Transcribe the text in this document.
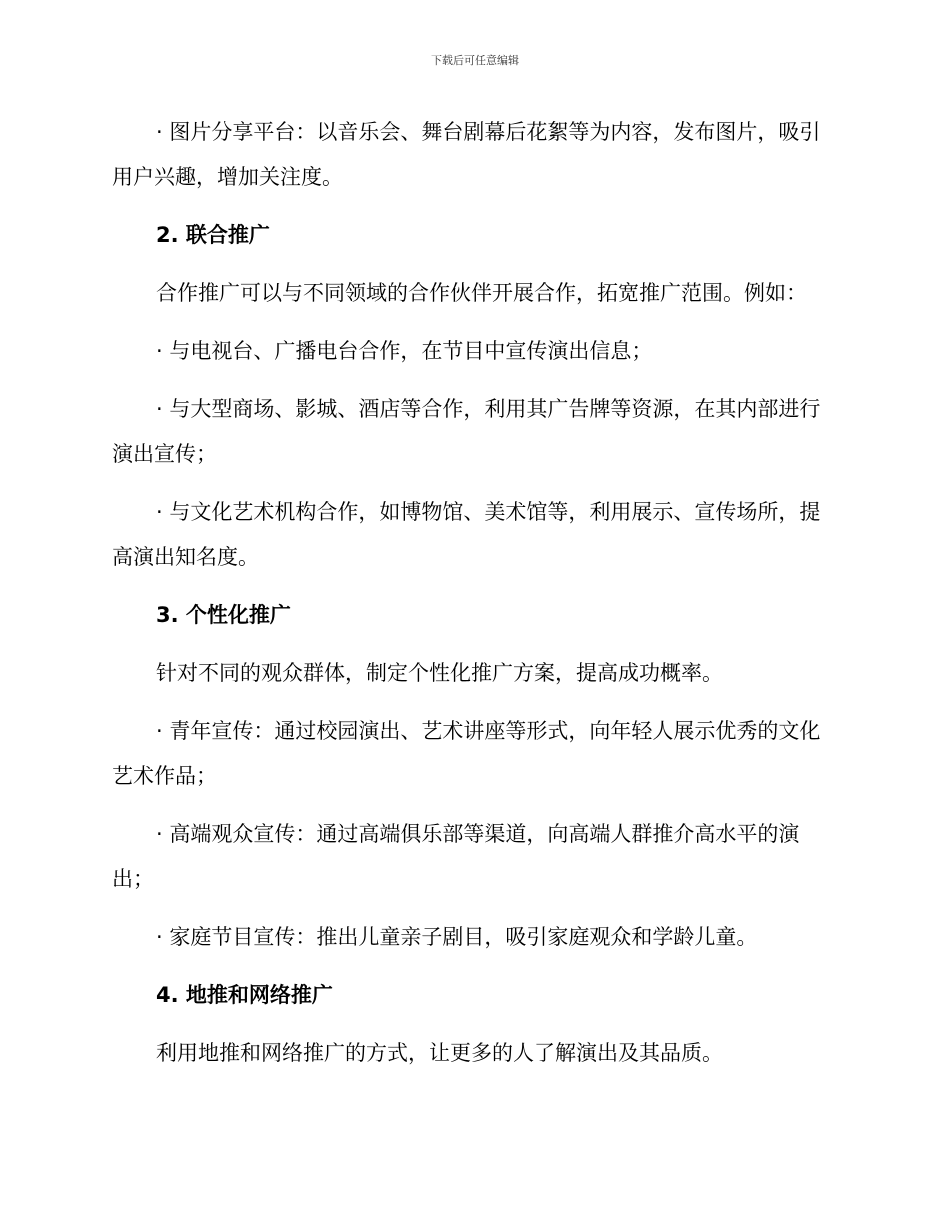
下载后可任意编辑

· 图片分享平台：以音乐会、舞台剧幕后花絮等为内容，发布图片，吸引用户兴趣，增加关注度。

2. 联合推广

合作推广可以与不同领域的合作伙伴开展合作，拓宽推广范围。例如：

· 与电视台、广播电台合作，在节目中宣传演出信息；

· 与大型商场、影城、酒店等合作，利用其广告牌等资源，在其内部进行演出宣传；

· 与文化艺术机构合作，如博物馆、美术馆等，利用展示、宣传场所，提高演出知名度。

3. 个性化推广

针对不同的观众群体，制定个性化推广方案，提高成功概率。

· 青年宣传：通过校园演出、艺术讲座等形式，向年轻人展示优秀的文化艺术作品；

· 高端观众宣传：通过高端俱乐部等渠道，向高端人群推介高水平的演出；

· 家庭节目宣传：推出儿童亲子剧目，吸引家庭观众和学龄儿童。

4. 地推和网络推广

利用地推和网络推广的方式，让更多的人了解演出及其品质。
